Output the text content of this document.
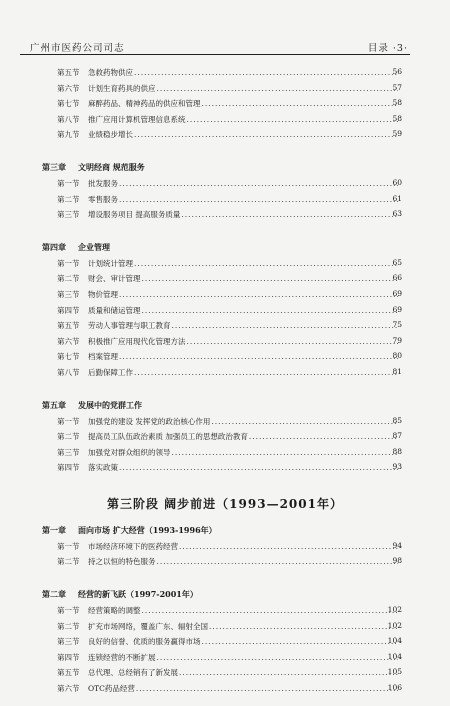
广州市医药公司司志	目录 ·3·
第五节 急救药物供应 .....	56
第六节 计划生育药具的供应 .....	57
第七节 麻醉药品、精神药品的供应和管理 .....	58
第八节 推广应用计算机管理信息系统 .....	58
第九节 业绩稳步增长 .....	59
第三章 文明经商 规范服务
第一节 批发服务 .....	60
第二节 零售服务 .....	61
第三节 增设服务项目 提高服务质量 .....	63
第四章 企业管理
第一节 计划统计管理 .....	65
第二节 财会、审计管理 .....	66
第三节 物价管理 .....	69
第四节 质量和储运管理 .....	69
第五节 劳动人事管理与职工教育 .....	75
第六节 积极推广应用现代化管理方法 .....	79
第七节 档案管理 .....	80
第八节 后勤保障工作 .....	81
第五章 发展中的党群工作
第一节 加强党的建设 发挥党的政治核心作用 .....	85
第二节 提高员工队伍政治素质 加强员工的思想政治教育 .....	87
第三节 加强党对群众组织的领导 .....	88
第四节 落实政策 .....	93
第三阶段 阔步前进（1993—2001年）
第一章 面向市场 扩大经营（1993-1996年）
第一节 市场经济环境下的医药经营 .....	94
第二节 持之以恒的特色服务 .....	98
第二章 经营的新飞跃（1997-2001年）
第一节 经营策略的调整 .....	102
第二节 扩充市场网络，覆盖广东、辐射全国 .....	102
第三节 良好的信誉、优质的服务赢得市场 .....	104
第四节 连锁经营的不断扩展 .....	104
第五节 总代理、总经销有了新发展 .....	105
第六节 OTC药品经营 .....	106
